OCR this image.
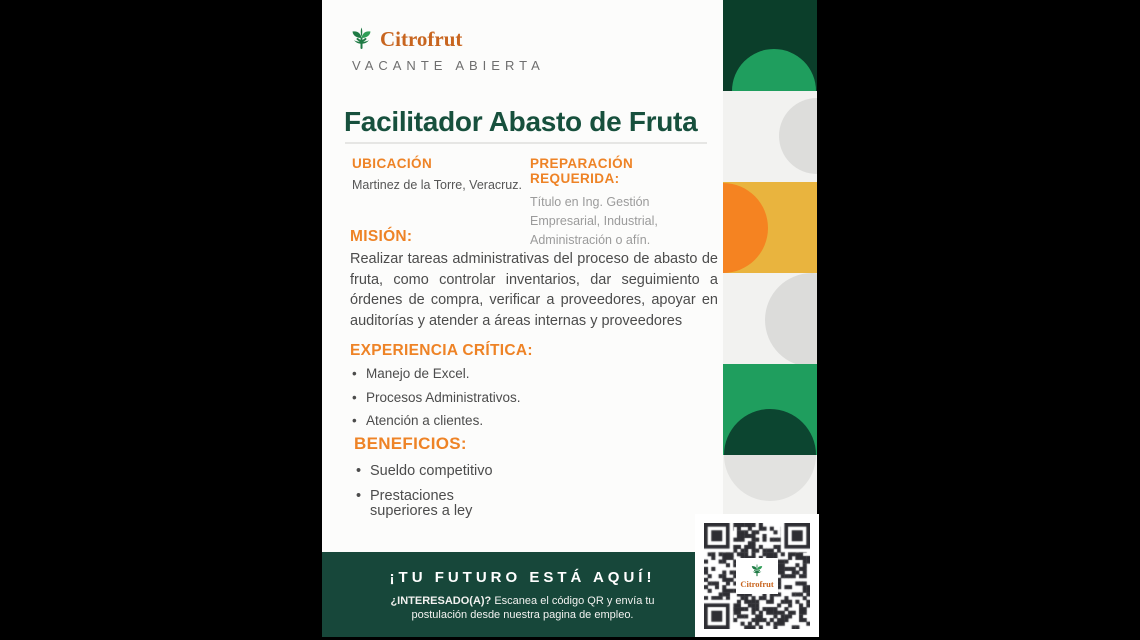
Citrofrut
VACANTE ABIERTA
Facilitador Abasto de Fruta
UBICACIÓN
Martinez de la Torre, Veracruz.
PREPARACIÓN REQUERIDA:
Título en Ing. Gestión Empresarial, Industrial, Administración o afín.
MISIÓN:

Realizar tareas administrativas del proceso de abasto de fruta, como controlar inventarios, dar seguimiento a órdenes de compra, verificar a proveedores, apoyar en auditorías y atender a áreas internas y proveedores

EXPERIENCIA CRÍTICA:
• Manejo de Excel.
• Procesos Administrativos.
• Atención a clientes.
BENEFICIOS:
• Sueldo competitivo
• Prestaciones superiores a ley
¡TU FUTURO ESTÁ AQUÍ!
¿INTERESADO(A)? Escanea el código QR y envía tu postulación desde nuestra pagina de empleo.
Citrofrut
